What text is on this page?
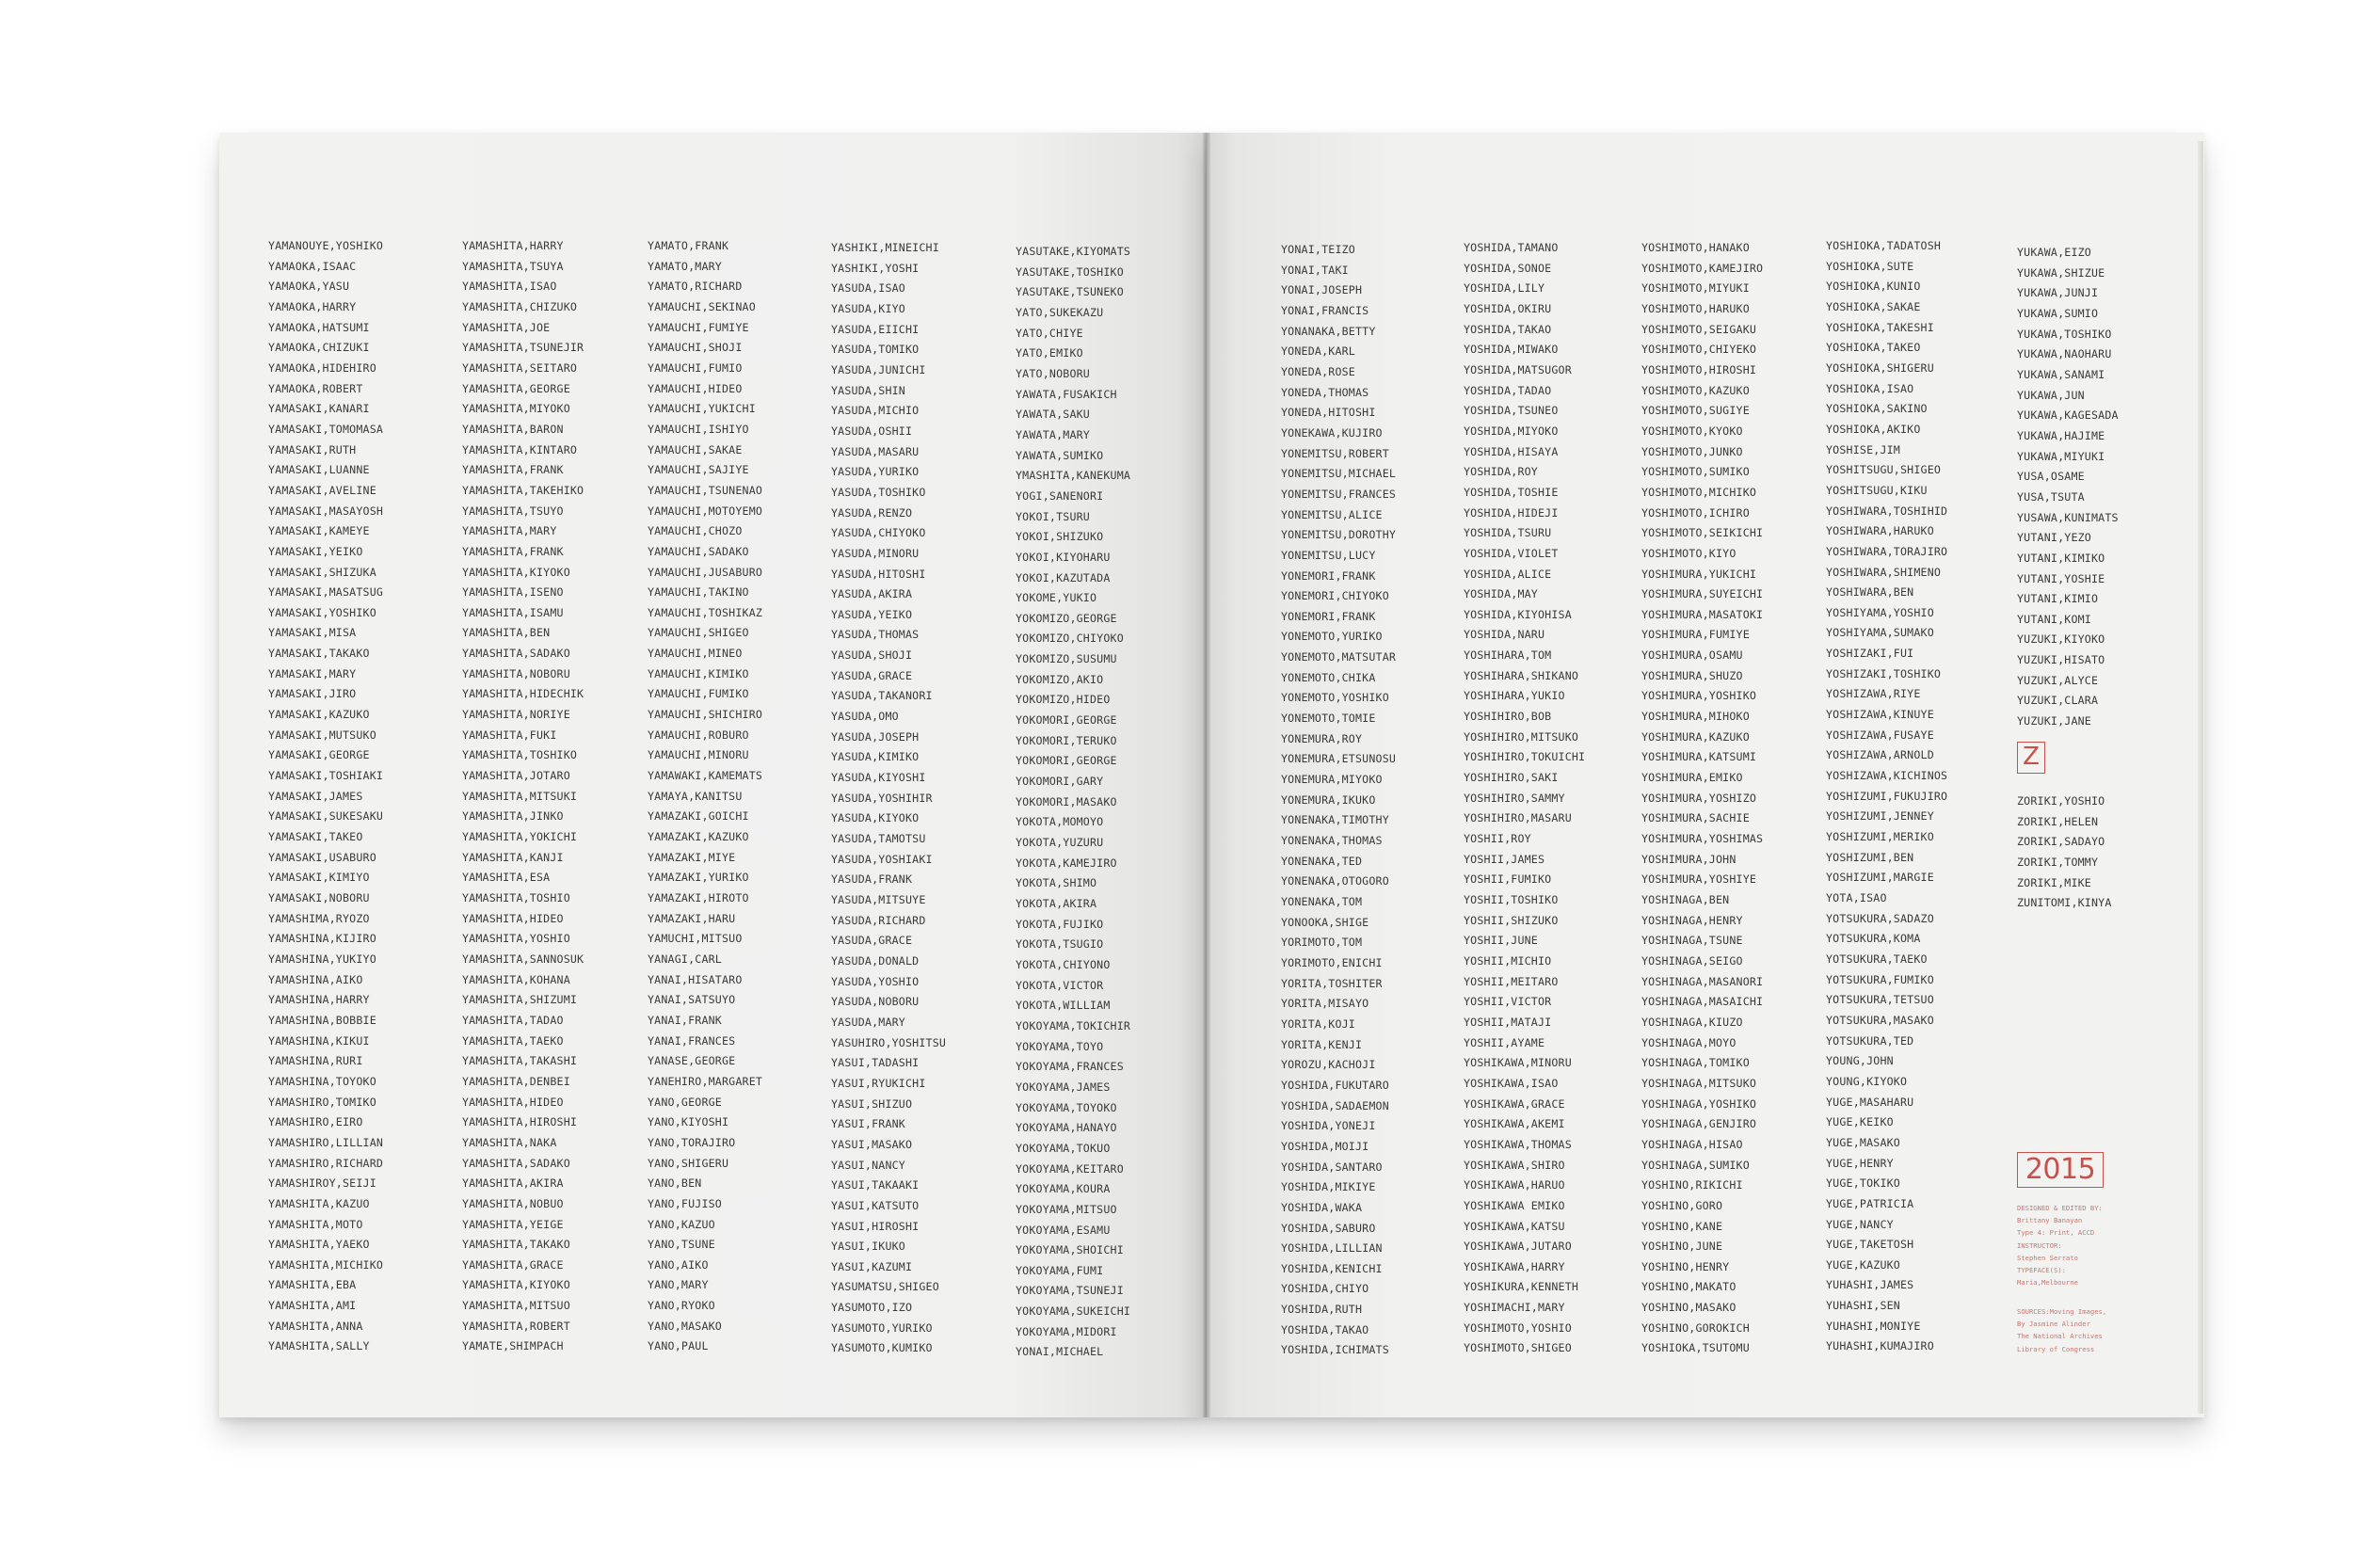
YAMANOUYE,YOSHIKO
YAMAOKA,ISAAC
YAMAOKA,YASU
YAMAOKA,HARRY
YAMAOKA,HATSUMI
YAMAOKA,CHIZUKI
YAMAOKA,HIDEHIRO
YAMAOKA,ROBERT
YAMASAKI,KANARI
YAMASAKI,TOMOMASA
YAMASAKI,RUTH
YAMASAKI,LUANNE
YAMASAKI,AVELINE
YAMASAKI,MASAYOSH
YAMASAKI,KAMEYE
YAMASAKI,YEIKO
YAMASAKI,SHIZUKA
YAMASAKI,MASATSUG
YAMASAKI,YOSHIKO
YAMASAKI,MISA
YAMASAKI,TAKAKO
YAMASAKI,MARY
YAMASAKI,JIRO
YAMASAKI,KAZUKO
YAMASAKI,MUTSUKO
YAMASAKI,GEORGE
YAMASAKI,TOSHIAKI
YAMASAKI,JAMES
YAMASAKI,SUKESAKU
YAMASAKI,TAKEO
YAMASAKI,USABURO
YAMASAKI,KIMIYO
YAMASAKI,NOBORU
YAMASHIMA,RYOZO
YAMASHINA,KIJIRO
YAMASHINA,YUKIYO
YAMASHINA,AIKO
YAMASHINA,HARRY
YAMASHINA,BOBBIE
YAMASHINA,KIKUI
YAMASHINA,RURI
YAMASHINA,TOYOKO
YAMASHIRO,TOMIKO
YAMASHIRO,EIRO
YAMASHIRO,LILLIAN
YAMASHIRO,RICHARD
YAMASHIROY,SEIJI
YAMASHITA,KAZUO
YAMASHITA,MOTO
YAMASHITA,YAEKO
YAMASHITA,MICHIKO
YAMASHITA,EBA
YAMASHITA,AMI
YAMASHITA,ANNA
YAMASHITA,SALLY
YAMASHITA,HARRY
YAMASHITA,TSUYA
YAMASHITA,ISAO
YAMASHITA,CHIZUKO
YAMASHITA,JOE
YAMASHITA,TSUNEJIR
YAMASHITA,SEITARO
YAMASHITA,GEORGE
YAMASHITA,MIYOKO
YAMASHITA,BARON
YAMASHITA,KINTARO
YAMASHITA,FRANK
YAMASHITA,TAKEHIKO
YAMASHITA,TSUYO
YAMASHITA,MARY
YAMASHITA,FRANK
YAMASHITA,KIYOKO
YAMASHITA,ISENO
YAMASHITA,ISAMU
YAMASHITA,BEN
YAMASHITA,SADAKO
YAMASHITA,NOBORU
YAMASHITA,HIDECHIK
YAMASHITA,NORIYE
YAMASHITA,FUKI
YAMASHITA,TOSHIKO
YAMASHITA,JOTARO
YAMASHITA,MITSUKI
YAMASHITA,JINKO
YAMASHITA,YOKICHI
YAMASHITA,KANJI
YAMASHITA,ESA
YAMASHITA,TOSHIO
YAMASHITA,HIDEO
YAMASHITA,YOSHIO
YAMASHITA,SANNOSUK
YAMASHITA,KOHANA
YAMASHITA,SHIZUMI
YAMASHITA,TADAO
YAMASHITA,TAEKO
YAMASHITA,TAKASHI
YAMASHITA,DENBEI
YAMASHITA,HIDEO
YAMASHITA,HIROSHI
YAMASHITA,NAKA
YAMASHITA,SADAKO
YAMASHITA,AKIRA
YAMASHITA,NOBUO
YAMASHITA,YEIGE
YAMASHITA,TAKAKO
YAMASHITA,GRACE
YAMASHITA,KIYOKO
YAMASHITA,MITSUO
YAMASHITA,ROBERT
YAMATE,SHIMPACH
YAMATO,FRANK
YAMATO,MARY
YAMATO,RICHARD
YAMAUCHI,SEKINAO
YAMAUCHI,FUMIYE
YAMAUCHI,SHOJI
YAMAUCHI,FUMIO
YAMAUCHI,HIDEO
YAMAUCHI,YUKICHI
YAMAUCHI,ISHIYO
YAMAUCHI,SAKAE
YAMAUCHI,SAJIYE
YAMAUCHI,TSUNENAO
YAMAUCHI,MOTOYEMO
YAMAUCHI,CHOZO
YAMAUCHI,SADAKO
YAMAUCHI,JUSABURO
YAMAUCHI,TAKINO
YAMAUCHI,TOSHIKAZ
YAMAUCHI,SHIGEO
YAMAUCHI,MINEO
YAMAUCHI,KIMIKO
YAMAUCHI,FUMIKO
YAMAUCHI,SHICHIRO
YAMAUCHI,ROBURO
YAMAUCHI,MINORU
YAMAWAKI,KAMEMATS
YAMAYA,KANITSU
YAMAZAKI,GOICHI
YAMAZAKI,KAZUKO
YAMAZAKI,MIYE
YAMAZAKI,YURIKO
YAMAZAKI,HIROTO
YAMAZAKI,HARU
YAMUCHI,MITSUO
YANAGI,CARL
YANAI,HISATARO
YANAI,SATSUYO
YANAI,FRANK
YANAI,FRANCES
YANASE,GEORGE
YANEHIRO,MARGARET
YANO,GEORGE
YANO,KIYOSHI
YANO,TORAJIRO
YANO,SHIGERU
YANO,BEN
YANO,FUJISO
YANO,KAZUO
YANO,TSUNE
YANO,AIKO
YANO,MARY
YANO,RYOKO
YANO,MASAKO
YANO,PAUL
YASHIKI,MINEICHI
YASHIKI,YOSHI
YASUDA,ISAO
YASUDA,KIYO
YASUDA,EIICHI
YASUDA,TOMIKO
YASUDA,JUNICHI
YASUDA,SHIN
YASUDA,MICHIO
YASUDA,OSHII
YASUDA,MASARU
YASUDA,YURIKO
YASUDA,TOSHIKO
YASUDA,RENZO
YASUDA,CHIYOKO
YASUDA,MINORU
YASUDA,HITOSHI
YASUDA,AKIRA
YASUDA,YEIKO
YASUDA,THOMAS
YASUDA,SHOJI
YASUDA,GRACE
YASUDA,TAKANORI
YASUDA,OMO
YASUDA,JOSEPH
YASUDA,KIMIKO
YASUDA,KIYOSHI
YASUDA,YOSHIHIR
YASUDA,KIYOKO
YASUDA,TAMOTSU
YASUDA,YOSHIAKI
YASUDA,FRANK
YASUDA,MITSUYE
YASUDA,RICHARD
YASUDA,GRACE
YASUDA,DONALD
YASUDA,YOSHIO
YASUDA,NOBORU
YASUDA,MARY
YASUHIRO,YOSHITSU
YASUI,TADASHI
YASUI,RYUKICHI
YASUI,SHIZUO
YASUI,FRANK
YASUI,MASAKO
YASUI,NANCY
YASUI,TAKAAKI
YASUI,KATSUTO
YASUI,HIROSHI
YASUI,IKUKO
YASUI,KAZUMI
YASUMATSU,SHIGEO
YASUMOTO,IZO
YASUMOTO,YURIKO
YASUMOTO,KUMIKO
YASUTAKE,KIYOMATS
YASUTAKE,TOSHIKO
YASUTAKE,TSUNEKO
YATO,SUKEKAZU
YATO,CHIYE
YATO,EMIKO
YATO,NOBORU
YAWATA,FUSAKICH
YAWATA,SAKU
YAWATA,MARY
YAWATA,SUMIKO
YMASHITA,KANEKUMA
YOGI,SANENORI
YOKOI,TSURU
YOKOI,SHIZUKO
YOKOI,KIYOHARU
YOKOI,KAZUTADA
YOKOME,YUKIO
YOKOMIZO,GEORGE
YOKOMIZO,CHIYOKO
YOKOMIZO,SUSUMU
YOKOMIZO,AKIO
YOKOMIZO,HIDEO
YOKOMORI,GEORGE
YOKOMORI,TERUKO
YOKOMORI,GEORGE
YOKOMORI,GARY
YOKOMORI,MASAKO
YOKOTA,MOMOYO
YOKOTA,YUZURU
YOKOTA,KAMEJIRO
YOKOTA,SHIMO
YOKOTA,AKIRA
YOKOTA,FUJIKO
YOKOTA,TSUGIO
YOKOTA,CHIYONO
YOKOTA,VICTOR
YOKOTA,WILLIAM
YOKOYAMA,TOKICHIR
YOKOYAMA,TOYO
YOKOYAMA,FRANCES
YOKOYAMA,JAMES
YOKOYAMA,TOYOKO
YOKOYAMA,HANAYO
YOKOYAMA,TOKUO
YOKOYAMA,KEITARO
YOKOYAMA,KOURA
YOKOYAMA,MITSUO
YOKOYAMA,ESAMU
YOKOYAMA,SHOICHI
YOKOYAMA,FUMI
YOKOYAMA,TSUNEJI
YOKOYAMA,SUKEICHI
YOKOYAMA,MIDORI
YONAI,MICHAEL
YONAI,TEIZO
YONAI,TAKI
YONAI,JOSEPH
YONAI,FRANCIS
YONANAKA,BETTY
YONEDA,KARL
YONEDA,ROSE
YONEDA,THOMAS
YONEDA,HITOSHI
YONEKAWA,KUJIRO
YONEMITSU,ROBERT
YONEMITSU,MICHAEL
YONEMITSU,FRANCES
YONEMITSU,ALICE
YONEMITSU,DOROTHY
YONEMITSU,LUCY
YONEMORI,FRANK
YONEMORI,CHIYOKO
YONEMORI,FRANK
YONEMOTO,YURIKO
YONEMOTO,MATSUTAR
YONEMOTO,CHIKA
YONEMOTO,YOSHIKO
YONEMOTO,TOMIE
YONEMURA,ROY
YONEMURA,ETSUNOSU
YONEMURA,MIYOKO
YONEMURA,IKUKO
YONENAKA,TIMOTHY
YONENAKA,THOMAS
YONENAKA,TED
YONENAKA,OTOGORO
YONENAKA,TOM
YONOOKA,SHIGE
YORIMOTO,TOM
YORIMOTO,ENICHI
YORITA,TOSHITER
YORITA,MISAYO
YORITA,KOJI
YORITA,KENJI
YOROZU,KACHOJI
YOSHIDA,FUKUTARO
YOSHIDA,SADAEMON
YOSHIDA,YONEJI
YOSHIDA,MOIJI
YOSHIDA,SANTARO
YOSHIDA,MIKIYE
YOSHIDA,WAKA
YOSHIDA,SABURO
YOSHIDA,LILLIAN
YOSHIDA,KENICHI
YOSHIDA,CHIYO
YOSHIDA,RUTH
YOSHIDA,TAKAO
YOSHIDA,ICHIMATS
YOSHIDA,TAMANO
YOSHIDA,SONOE
YOSHIDA,LILY
YOSHIDA,OKIRU
YOSHIDA,TAKAO
YOSHIDA,MIWAKO
YOSHIDA,MATSUGOR
YOSHIDA,TADAO
YOSHIDA,TSUNEO
YOSHIDA,MIYOKO
YOSHIDA,HISAYA
YOSHIDA,ROY
YOSHIDA,TOSHIE
YOSHIDA,HIDEJI
YOSHIDA,TSURU
YOSHIDA,VIOLET
YOSHIDA,ALICE
YOSHIDA,MAY
YOSHIDA,KIYOHISA
YOSHIDA,NARU
YOSHIHARA,TOM
YOSHIHARA,SHIKANO
YOSHIHARA,YUKIO
YOSHIHIRO,BOB
YOSHIHIRO,MITSUKO
YOSHIHIRO,TOKUICHI
YOSHIHIRO,SAKI
YOSHIHIRO,SAMMY
YOSHIHIRO,MASARU
YOSHII,ROY
YOSHII,JAMES
YOSHII,FUMIKO
YOSHII,TOSHIKO
YOSHII,SHIZUKO
YOSHII,JUNE
YOSHII,MICHIO
YOSHII,MEITARO
YOSHII,VICTOR
YOSHII,MATAJI
YOSHII,AYAME
YOSHIKAWA,MINORU
YOSHIKAWA,ISAO
YOSHIKAWA,GRACE
YOSHIKAWA,AKEMI
YOSHIKAWA,THOMAS
YOSHIKAWA,SHIRO
YOSHIKAWA,HARUO
YOSHIKAWA EMIKO
YOSHIKAWA,KATSU
YOSHIKAWA,JUTARO
YOSHIKAWA,HARRY
YOSHIKURA,KENNETH
YOSHIMACHI,MARY
YOSHIMOTO,YOSHIO
YOSHIMOTO,SHIGEO
YOSHIMOTO,HANAKO
YOSHIMOTO,KAMEJIRO
YOSHIMOTO,MIYUKI
YOSHIMOTO,HARUKO
YOSHIMOTO,SEIGAKU
YOSHIMOTO,CHIYEKO
YOSHIMOTO,HIROSHI
YOSHIMOTO,KAZUKO
YOSHIMOTO,SUGIYE
YOSHIMOTO,KYOKO
YOSHIMOTO,JUNKO
YOSHIMOTO,SUMIKO
YOSHIMOTO,MICHIKO
YOSHIMOTO,ICHIRO
YOSHIMOTO,SEIKICHI
YOSHIMOTO,KIYO
YOSHIMURA,YUKICHI
YOSHIMURA,SUYEICHI
YOSHIMURA,MASATOKI
YOSHIMURA,FUMIYE
YOSHIMURA,OSAMU
YOSHIMURA,SHUZO
YOSHIMURA,YOSHIKO
YOSHIMURA,MIHOKO
YOSHIMURA,KAZUKO
YOSHIMURA,KATSUMI
YOSHIMURA,EMIKO
YOSHIMURA,YOSHIZO
YOSHIMURA,SACHIE
YOSHIMURA,YOSHIMAS
YOSHIMURA,JOHN
YOSHIMURA,YOSHIYE
YOSHINAGA,BEN
YOSHINAGA,HENRY
YOSHINAGA,TSUNE
YOSHINAGA,SEIGO
YOSHINAGA,MASANORI
YOSHINAGA,MASAICHI
YOSHINAGA,KIUZO
YOSHINAGA,MOYO
YOSHINAGA,TOMIKO
YOSHINAGA,MITSUKO
YOSHINAGA,YOSHIKO
YOSHINAGA,GENJIRO
YOSHINAGA,HISAO
YOSHINAGA,SUMIKO
YOSHINO,RIKICHI
YOSHINO,GORO
YOSHINO,KANE
YOSHINO,JUNE
YOSHINO,HENRY
YOSHINO,MAKATO
YOSHINO,MASAKO
YOSHINO,GOROKICH
YOSHIOKA,TSUTOMU
YOSHIOKA,TADATOSH
YOSHIOKA,SUTE
YOSHIOKA,KUNIO
YOSHIOKA,SAKAE
YOSHIOKA,TAKESHI
YOSHIOKA,TAKEO
YOSHIOKA,SHIGERU
YOSHIOKA,ISAO
YOSHIOKA,SAKINO
YOSHIOKA,AKIKO
YOSHISE,JIM
YOSHITSUGU,SHIGEO
YOSHITSUGU,KIKU
YOSHIWARA,TOSHIHID
YOSHIWARA,HARUKO
YOSHIWARA,TORAJIRO
YOSHIWARA,SHIMENO
YOSHIWARA,BEN
YOSHIYAMA,YOSHIO
YOSHIYAMA,SUMAKO
YOSHIZAKI,FUI
YOSHIZAKI,TOSHIKO
YOSHIZAWA,RIYE
YOSHIZAWA,KINUYE
YOSHIZAWA,FUSAYE
YOSHIZAWA,ARNOLD
YOSHIZAWA,KICHINOS
YOSHIZUMI,FUKUJIRO
YOSHIZUMI,JENNEY
YOSHIZUMI,MERIKO
YOSHIZUMI,BEN
YOSHIZUMI,MARGIE
YOTA,ISAO
YOTSUKURA,SADAZO
YOTSUKURA,KOMA
YOTSUKURA,TAEKO
YOTSUKURA,FUMIKO
YOTSUKURA,TETSUO
YOTSUKURA,MASAKO
YOTSUKURA,TED
YOUNG,JOHN
YOUNG,KIYOKO
YUGE,MASAHARU
YUGE,KEIKO
YUGE,MASAKO
YUGE,HENRY
YUGE,TOKIKO
YUGE,PATRICIA
YUGE,NANCY
YUGE,TAKETOSH
YUGE,KAZUKO
YUHASHI,JAMES
YUHASHI,SEN
YUHASHI,MONIYE
YUHASHI,KUMAJIRO
YUKAWA,EIZO
YUKAWA,SHIZUE
YUKAWA,JUNJI
YUKAWA,SUMIO
YUKAWA,TOSHIKO
YUKAWA,NAOHARU
YUKAWA,SANAMI
YUKAWA,JUN
YUKAWA,KAGESADA
YUKAWA,HAJIME
YUKAWA,MIYUKI
YUSA,OSAME
YUSA,TSUTA
YUSAWA,KUNIMATS
YUTANI,YEZO
YUTANI,KIMIKO
YUTANI,YOSHIE
YUTANI,KIMIO
YUTANI,KOMI
YUZUKI,KIYOKO
YUZUKI,HISATO
YUZUKI,ALYCE
YUZUKI,CLARA
YUZUKI,JANE
Z
ZORIKI,YOSHIO
ZORIKI,HELEN
ZORIKI,SADAYO
ZORIKI,TOMMY
ZORIKI,MIKE
ZUNITOMI,KINYA
2015
DESIGNED & EDITED BY:
Brittany Banayan
Type 4: Print, ACCD
INSTRUCTOR:
Stephen Serrato
TYPEFACE(S):
Maria,Melbourne
SOURCES:Moving Images,
By Jasmine Alinder
The National Archives
Library of Congress
